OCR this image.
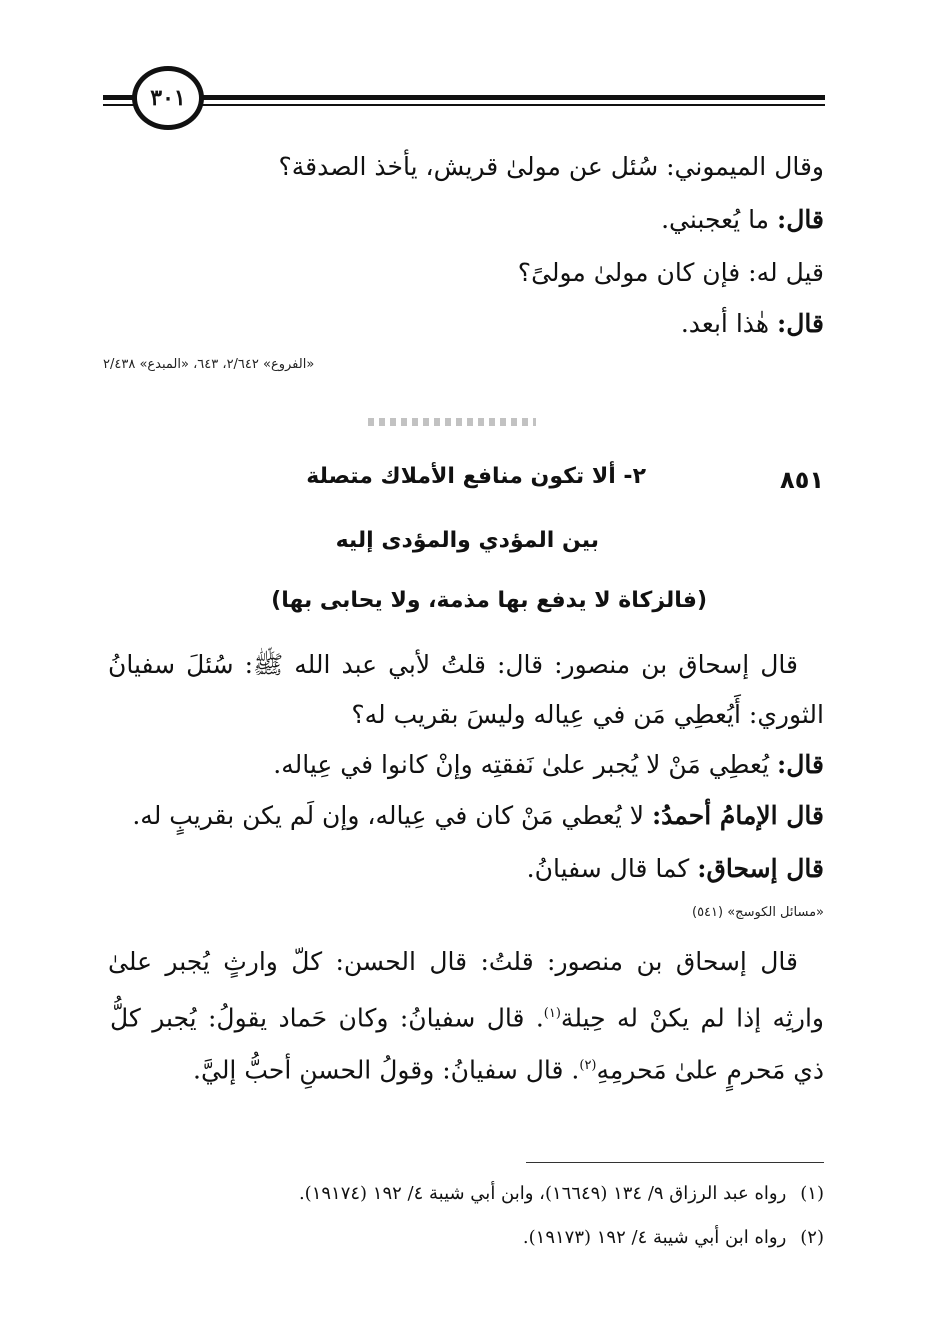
٣٠١
وقال الميموني: سُئل عن مولىٰ قريش، يأخذ الصدقة؟
قال: ما يُعجبني.
قيل له: فإن كان مولىٰ مولىً؟
قال: هٰذا أبعد.
«الفروع» ٢/٦٤٢، ٦٤٣، «المبدع» ٢/٤٣٨
٨٥١
٢- ألا تكون منافع الأملاك متصلة
بين المؤدي والمؤدى إليه
(فالزكاة لا يدفع بها مذمة، ولا يحابى بها)
قال إسحاق بن منصور: قال: قلتُ لأبي عبد الله ﷺ: سُئلَ سفيانُ
الثوري: أَيُعطِي مَن في عِياله وليسَ بقريب له؟
قال: يُعطِي مَنْ لا يُجبر علىٰ نَفقتِه وإنْ كانوا في عِياله.
قال الإمامُ أحمدُ: لا يُعطي مَنْ كان في عِياله، وإن لَم يكن بقريبٍ له.
قال إسحاق: كما قال سفيانُ.
«مسائل الكوسج» (٥٤١)
قال إسحاق بن منصور: قلتُ: قال الحسن: كلّ وارثٍ يُجبر علىٰ
وارثِه إذا لم يكنْ له حِيلة$^{(١)}$. قال سفيانُ: وكان حَماد يقولُ: يُجبر كلُّ
ذي مَحرمٍ علىٰ مَحرمِهِ$^{(٢)}$. قال سفيانُ: وقولُ الحسنِ أحبُّ إليَّ.
(١)رواه عبد الرزاق ٩/ ١٣٤ (١٦٦٤٩)، وابن أبي شيبة ٤/ ١٩٢ (١٩١٧٤).
(٢)رواه ابن أبي شيبة ٤/ ١٩٢ (١٩١٧٣).
